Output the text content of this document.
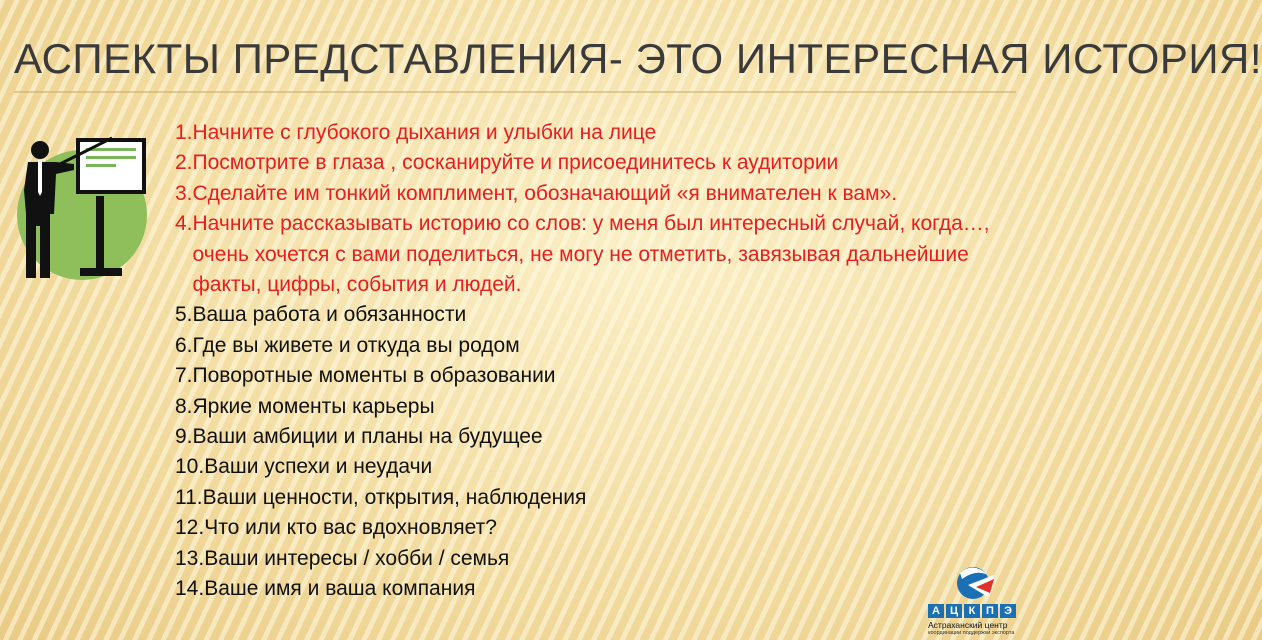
АСПЕКТЫ ПРЕДСТАВЛЕНИЯ- ЭТО ИНТЕРЕСНАЯ ИСТОРИЯ!
1. Начните с глубокого дыхания и улыбки на лице
2. Посмотрите в глаза , сосканируйте и присоединитесь к аудитории
3. Сделайте им тонкий комплимент, обозначающий «я внимателен к вам».
4. Начните рассказывать историю со слов: у меня был интересный случай, когда…, очень хочется с вами поделиться, не могу не отметить, завязывая дальнейшие факты, цифры, события и людей.
5. Ваша работа и обязанности
6. Где вы живете и откуда вы родом
7. Поворотные моменты в образовании
8. Яркие моменты карьеры
9. Ваши амбиции и планы на будущее
10. Ваши успехи и неудачи
11. Ваши ценности, открытия, наблюдения
12. Что или кто вас вдохновляет?
13. Ваши интересы / хобби / семья
14. Ваше имя и ваша компания
А Ц К П Э
Астраханский центр
координации поддержки экспорта
